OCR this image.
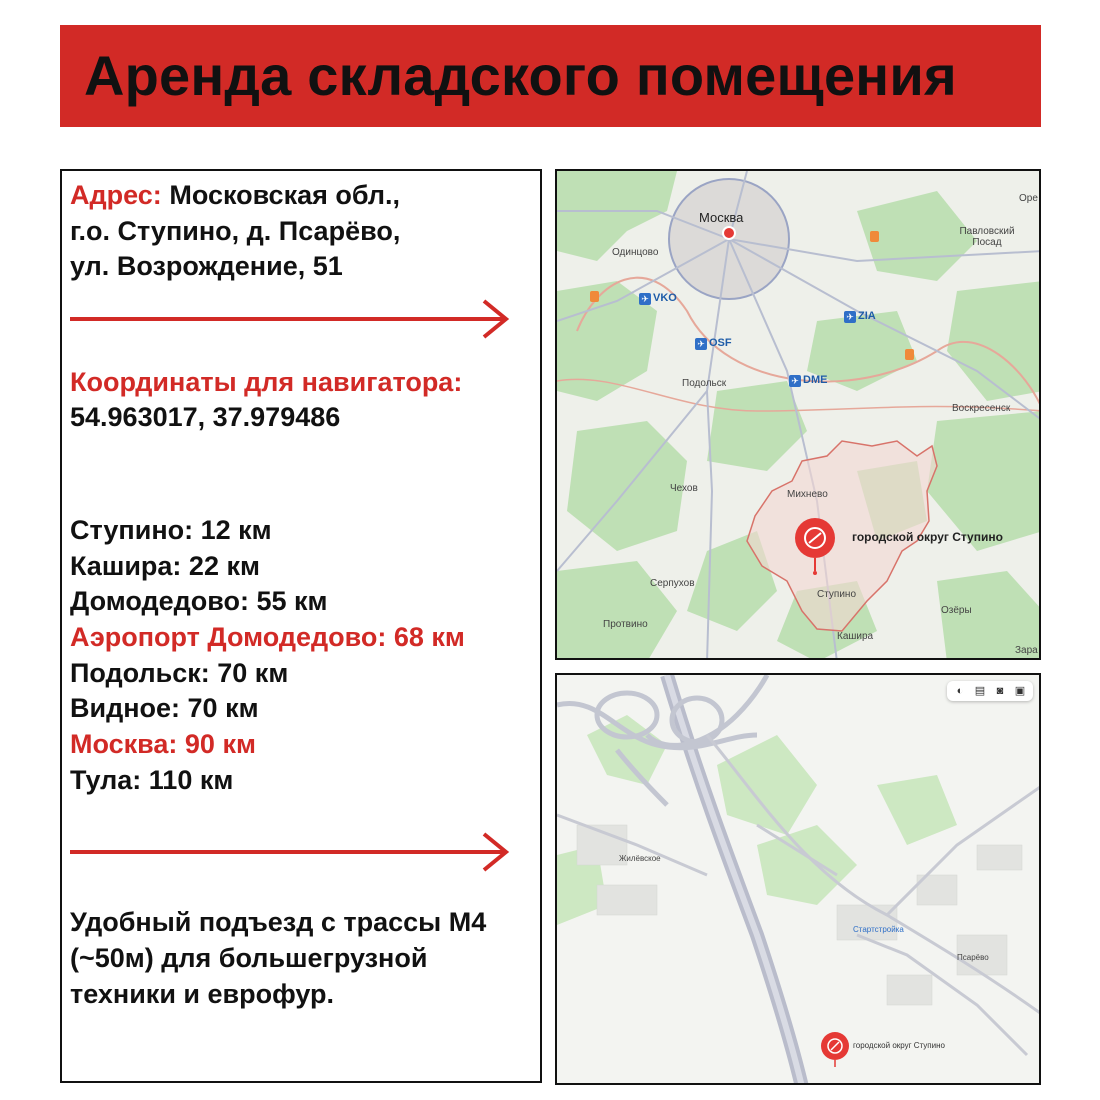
Аренда складского помещения
Адрес: Московская обл.,
г.о. Ступино, д. Псарёво,
ул. Возрождение, 51
Координаты для навигатора:
54.963017, 37.979486
Ступино: 12 км
Кашира: 22 км
Домодедово: 55 км
Аэропорт Домодедово: 68 км
Подольск: 70 км
Видное: 70 км
Москва: 90 км
Тула: 110 км
Удобный подъезд с трассы М4
(~50м) для большегрузной
техники и еврофур.
Москва
Одинцово
Павловский Посад
Оре
Подольск
Воскресенск
Михнево
Чехов
Серпухов
Протвино
Ступино
Кашира
Озёры
Зара
✈ VKO
✈ ZIA
✈ OSF
✈ DME
городской округ Ступино
◐	▤	◙	▣
Жилёвское
Псарёво
Стартстройка
городской округ Ступино
